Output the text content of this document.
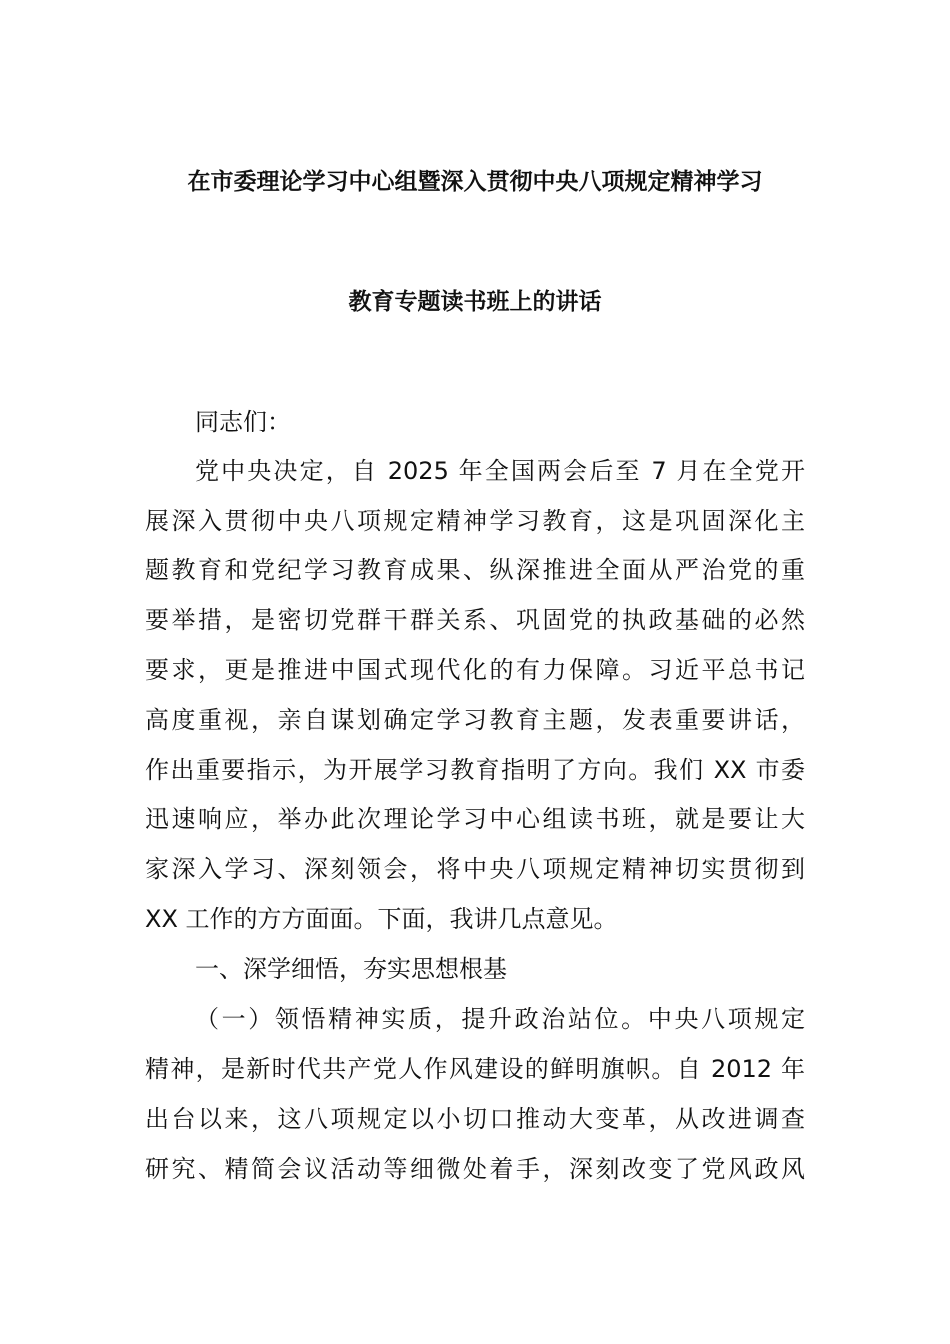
在市委理论学习中心组暨深入贯彻中央八项规定精神学习
教育专题读书班上的讲话
同志们：
党中央决定，自 2025 年全国两会后至 7 月在全党开
展深入贯彻中央八项规定精神学习教育，这是巩固深化主
题教育和党纪学习教育成果、纵深推进全面从严治党的重
要举措，是密切党群干群关系、巩固党的执政基础的必然
要求，更是推进中国式现代化的有力保障。习近平总书记
高度重视，亲自谋划确定学习教育主题，发表重要讲话，
作出重要指示，为开展学习教育指明了方向。我们 XX 市委
迅速响应，举办此次理论学习中心组读书班，就是要让大
家深入学习、深刻领会，将中央八项规定精神切实贯彻到
XX 工作的方方面面。下面，我讲几点意见。
一、深学细悟，夯实思想根基
（一）领悟精神实质，提升政治站位。中央八项规定
精神，是新时代共产党人作风建设的鲜明旗帜。自 2012 年
出台以来，这八项规定以小切口推动大变革，从改进调查
研究、精简会议活动等细微处着手，深刻改变了党风政风
